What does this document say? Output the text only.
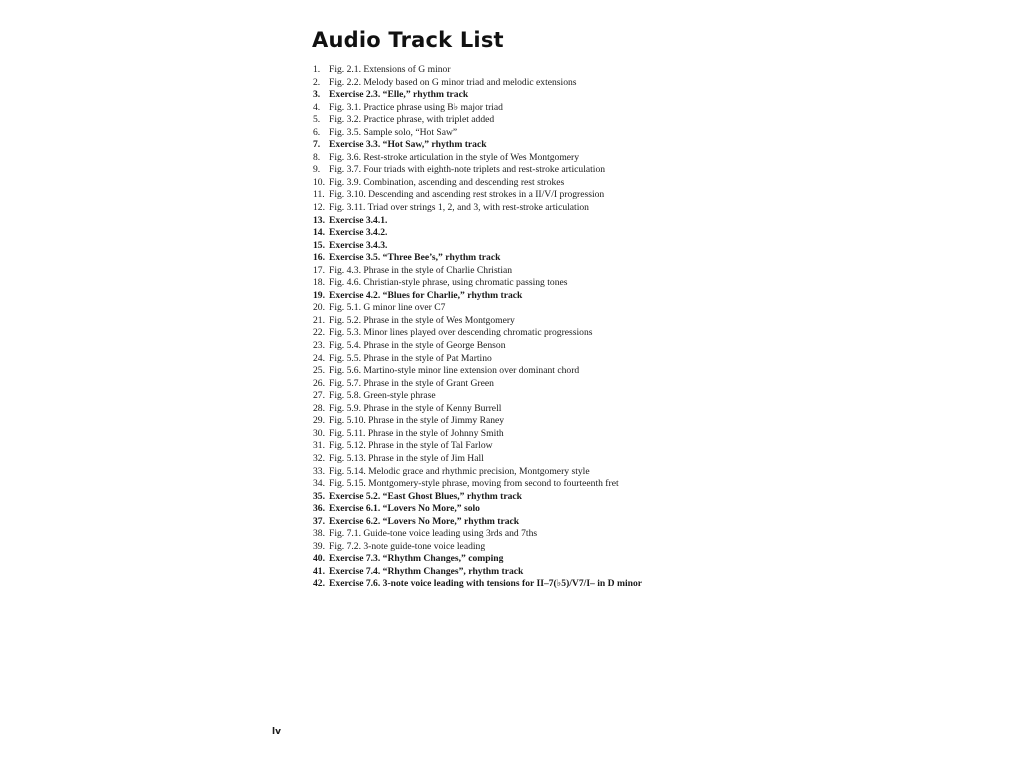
Audio Track List
1. Fig. 2.1. Extensions of G minor
2. Fig. 2.2. Melody based on G minor triad and melodic extensions
3. Exercise 2.3. “Elle,” rhythm track
4. Fig. 3.1. Practice phrase using B♭ major triad
5. Fig. 3.2. Practice phrase, with triplet added
6. Fig. 3.5. Sample solo, “Hot Saw”
7. Exercise 3.3. “Hot Saw,” rhythm track
8. Fig. 3.6. Rest-stroke articulation in the style of Wes Montgomery
9. Fig. 3.7. Four triads with eighth-note triplets and rest-stroke articulation
10. Fig. 3.9. Combination, ascending and descending rest strokes
11. Fig. 3.10. Descending and ascending rest strokes in a II/V/I progression
12. Fig. 3.11. Triad over strings 1, 2, and 3, with rest-stroke articulation
13. Exercise 3.4.1.
14. Exercise 3.4.2.
15. Exercise 3.4.3.
16. Exercise 3.5. “Three Bee’s,” rhythm track
17. Fig. 4.3. Phrase in the style of Charlie Christian
18. Fig. 4.6. Christian-style phrase, using chromatic passing tones
19. Exercise 4.2. “Blues for Charlie,” rhythm track
20. Fig. 5.1. G minor line over C7
21. Fig. 5.2. Phrase in the style of Wes Montgomery
22. Fig. 5.3. Minor lines played over descending chromatic progressions
23. Fig. 5.4. Phrase in the style of George Benson
24. Fig. 5.5. Phrase in the style of Pat Martino
25. Fig. 5.6. Martino-style minor line extension over dominant chord
26. Fig. 5.7. Phrase in the style of Grant Green
27. Fig. 5.8. Green-style phrase
28. Fig. 5.9. Phrase in the style of Kenny Burrell
29. Fig. 5.10. Phrase in the style of Jimmy Raney
30. Fig. 5.11. Phrase in the style of Johnny Smith
31. Fig. 5.12. Phrase in the style of Tal Farlow
32. Fig. 5.13. Phrase in the style of Jim Hall
33. Fig. 5.14. Melodic grace and rhythmic precision, Montgomery style
34. Fig. 5.15. Montgomery-style phrase, moving from second to fourteenth fret
35. Exercise 5.2. “East Ghost Blues,” rhythm track
36. Exercise 6.1. “Lovers No More,” solo
37. Exercise 6.2. “Lovers No More,” rhythm track
38. Fig. 7.1. Guide-tone voice leading using 3rds and 7ths
39. Fig. 7.2. 3-note guide-tone voice leading
40. Exercise 7.3. “Rhythm Changes,” comping
41. Exercise 7.4. “Rhythm Changes”, rhythm track
42. Exercise 7.6. 3-note voice leading with tensions for II–7(♭5)/V7/I– in D minor
lv
